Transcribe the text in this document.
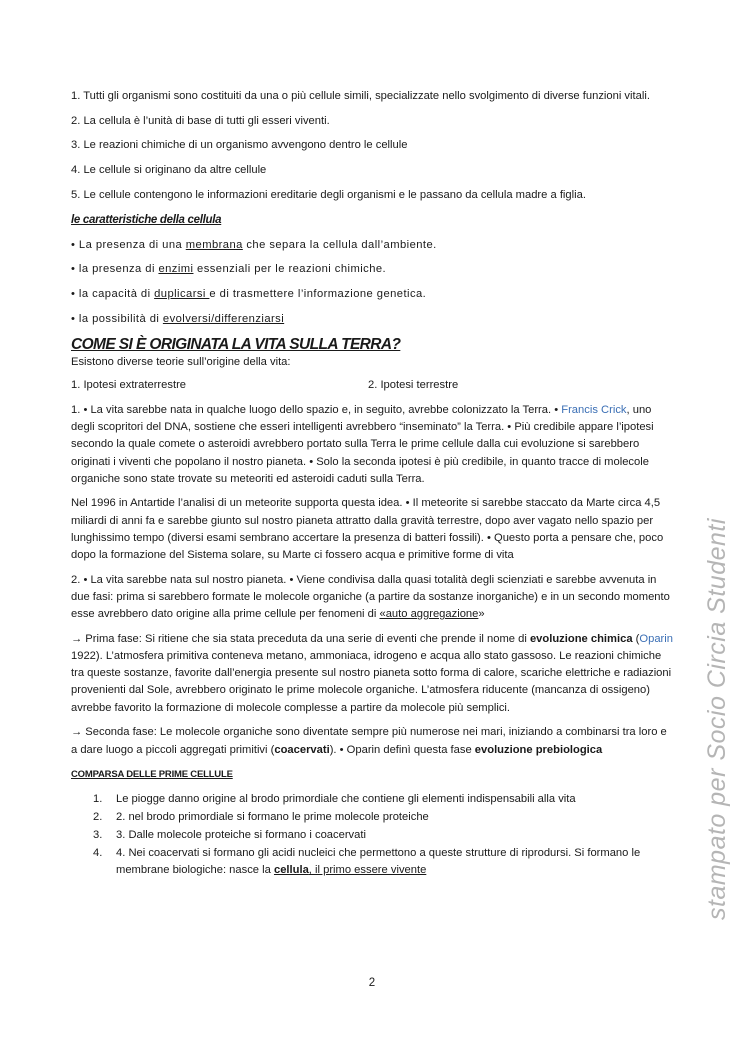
1. Tutti gli organismi sono costituiti da una o più cellule simili, specializzate nello svolgimento di diverse funzioni vitali.

2. La cellula è l’unità di base di tutti gli esseri viventi.

3. Le reazioni chimiche di un organismo avvengono dentro le cellule

4. Le cellule si originano da altre cellule

5. Le cellule contengono le informazioni ereditarie degli organismi e le passano da cellula madre a figlia.

le caratteristiche della cellula

• La presenza di una membrana che separa la cellula dall’ambiente.

• la presenza di enzimi essenziali per le reazioni chimiche.

• la capacità di duplicarsi e di trasmettere l’informazione genetica.

• la possibilità di evolversi/differenziarsi

COME SI È ORIGINATA LA VITA SULLA TERRA?

Esistono diverse teorie sull’origine della vita:

1. Ipotesi extraterrestre	2. Ipotesi terrestre

1. • La vita sarebbe nata in qualche luogo dello spazio e, in seguito, avrebbe colonizzato la Terra. • Francis Crick, uno degli scopritori del DNA, sostiene che esseri intelligenti avrebbero “inseminato” la Terra. • Più credibile appare l’ipotesi secondo la quale comete o asteroidi avrebbero portato sulla Terra le prime cellule dalla cui evoluzione si sarebbero originati i viventi che popolano il nostro pianeta. • Solo la seconda ipotesi è più credibile, in quanto tracce di molecole organiche sono state trovate su meteoriti ed asteroidi caduti sulla Terra.

Nel 1996 in Antartide l’analisi di un meteorite supporta questa idea. • Il meteorite si sarebbe staccato da Marte circa 4,5 miliardi di anni fa e sarebbe giunto sul nostro pianeta attratto dalla gravità terrestre, dopo aver vagato nello spazio per lunghissimo tempo (diversi esami sembrano accertare la presenza di batteri fossili). • Questo porta a pensare che, poco dopo la formazione del Sistema solare, su Marte ci fossero acqua e primitive forme di vita

2. • La vita sarebbe nata sul nostro pianeta. • Viene condivisa dalla quasi totalità degli scienziati e sarebbe avvenuta in due fasi: prima si sarebbero formate le molecole organiche (a partire da sostanze inorganiche) e in un secondo momento esse avrebbero dato origine alla prime cellule per fenomeni di «auto aggregazione»

→ Prima fase: Si ritiene che sia stata preceduta da una serie di eventi che prende il nome di evoluzione chimica (Oparin 1922). L’atmosfera primitiva conteneva metano, ammoniaca, idrogeno e acqua allo stato gassoso. Le reazioni chimiche tra queste sostanze, favorite dall’energia presente sul nostro pianeta sotto forma di calore, scariche elettriche e radiazioni provenienti dal Sole, avrebbero originato le prime molecole organiche. L’atmosfera riducente (mancanza di ossigeno) avrebbe favorito la formazione di molecole complesse a partire da molecole più semplici.

→ Seconda fase: Le molecole organiche sono diventate sempre più numerose nei mari, iniziando a combinarsi tra loro e a dare luogo a piccoli aggregati primitivi (coacervati). • Oparin definì questa fase evoluzione prebiologica

COMPARSA DELLE PRIME CELLULE

1. Le piogge danno origine al brodo primordiale che contiene gli elementi indispensabili alla vita
2. 2. nel brodo primordiale si formano le prime molecole proteiche
3. 3. Dalle molecole proteiche si formano i coacervati
4. 4. Nei coacervati si formano gli acidi nucleici che permettono a queste strutture di riprodursi. Si formano le membrane biologiche: nasce la cellula, il primo essere vivente
2
stampato per Socio Circia Studenti
